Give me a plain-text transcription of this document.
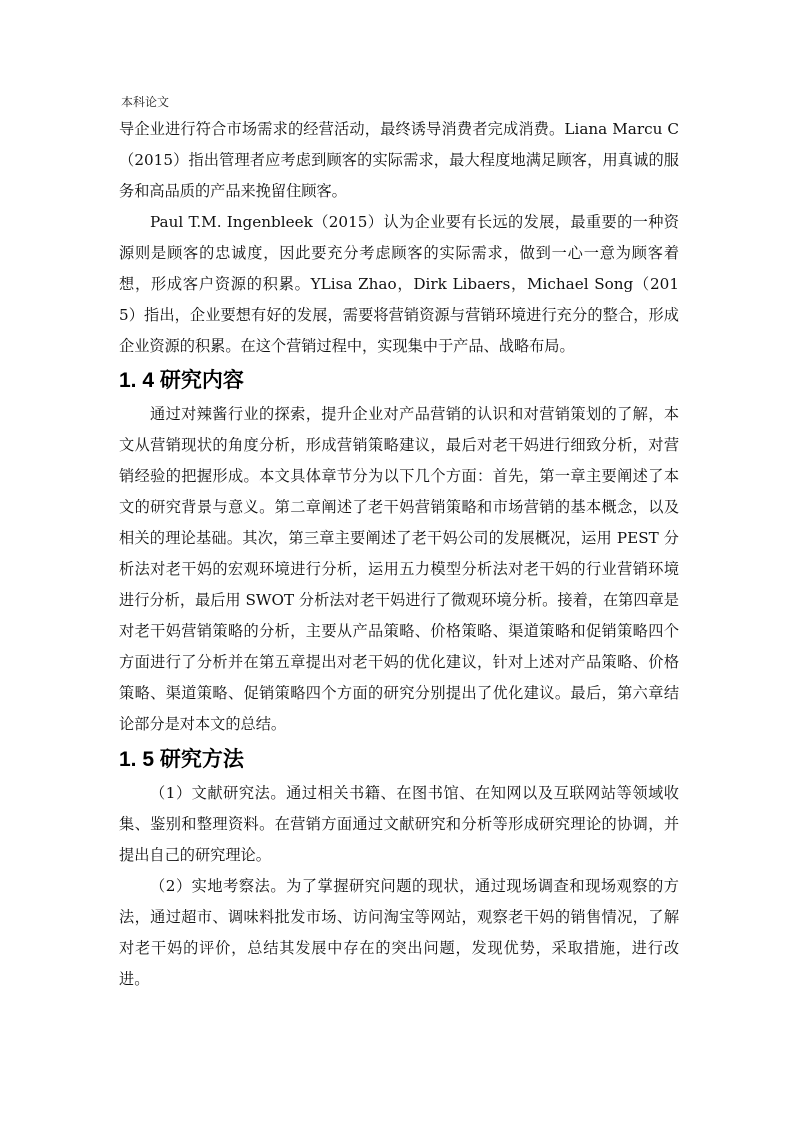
本科论文

导企业进行符合市场需求的经营活动，最终诱导消费者完成消费。Liana Marcu C（2015）指出管理者应考虑到顾客的实际需求，最大程度地满足顾客，用真诚的服务和高品质的产品来挽留住顾客。

Paul T.M. Ingenbleek（2015）认为企业要有长远的发展，最重要的一种资源则是顾客的忠诚度，因此要充分考虑顾客的实际需求，做到一心一意为顾客着想，形成客户资源的积累。YLisa Zhao，Dirk Libaers，Michael Song（2015）指出，企业要想有好的发展，需要将营销资源与营销环境进行充分的整合，形成企业资源的积累。在这个营销过程中，实现集中于产品、战略布局。

1. 4 研究内容

通过对辣酱行业的探索，提升企业对产品营销的认识和对营销策划的了解，本文从营销现状的角度分析，形成营销策略建议，最后对老干妈进行细致分析，对营销经验的把握形成。本文具体章节分为以下几个方面：首先，第一章主要阐述了本文的研究背景与意义。第二章阐述了老干妈营销策略和市场营销的基本概念，以及相关的理论基础。其次，第三章主要阐述了老干妈公司的发展概况，运用 PEST 分析法对老干妈的宏观环境进行分析，运用五力模型分析法对老干妈的行业营销环境进行分析，最后用 SWOT 分析法对老干妈进行了微观环境分析。接着，在第四章是对老干妈营销策略的分析，主要从产品策略、价格策略、渠道策略和促销策略四个方面进行了分析并在第五章提出对老干妈的优化建议，针对上述对产品策略、价格策略、渠道策略、促销策略四个方面的研究分别提出了优化建议。最后，第六章结论部分是对本文的总结。

1. 5 研究方法

（1）文献研究法。通过相关书籍、在图书馆、在知网以及互联网站等领域收集、鉴别和整理资料。在营销方面通过文献研究和分析等形成研究理论的协调，并提出自己的研究理论。

（2）实地考察法。为了掌握研究问题的现状，通过现场调查和现场观察的方法，通过超市、调味料批发市场、访问淘宝等网站，观察老干妈的销售情况，了解对老干妈的评价，总结其发展中存在的突出问题，发现优势，采取措施，进行改进。
